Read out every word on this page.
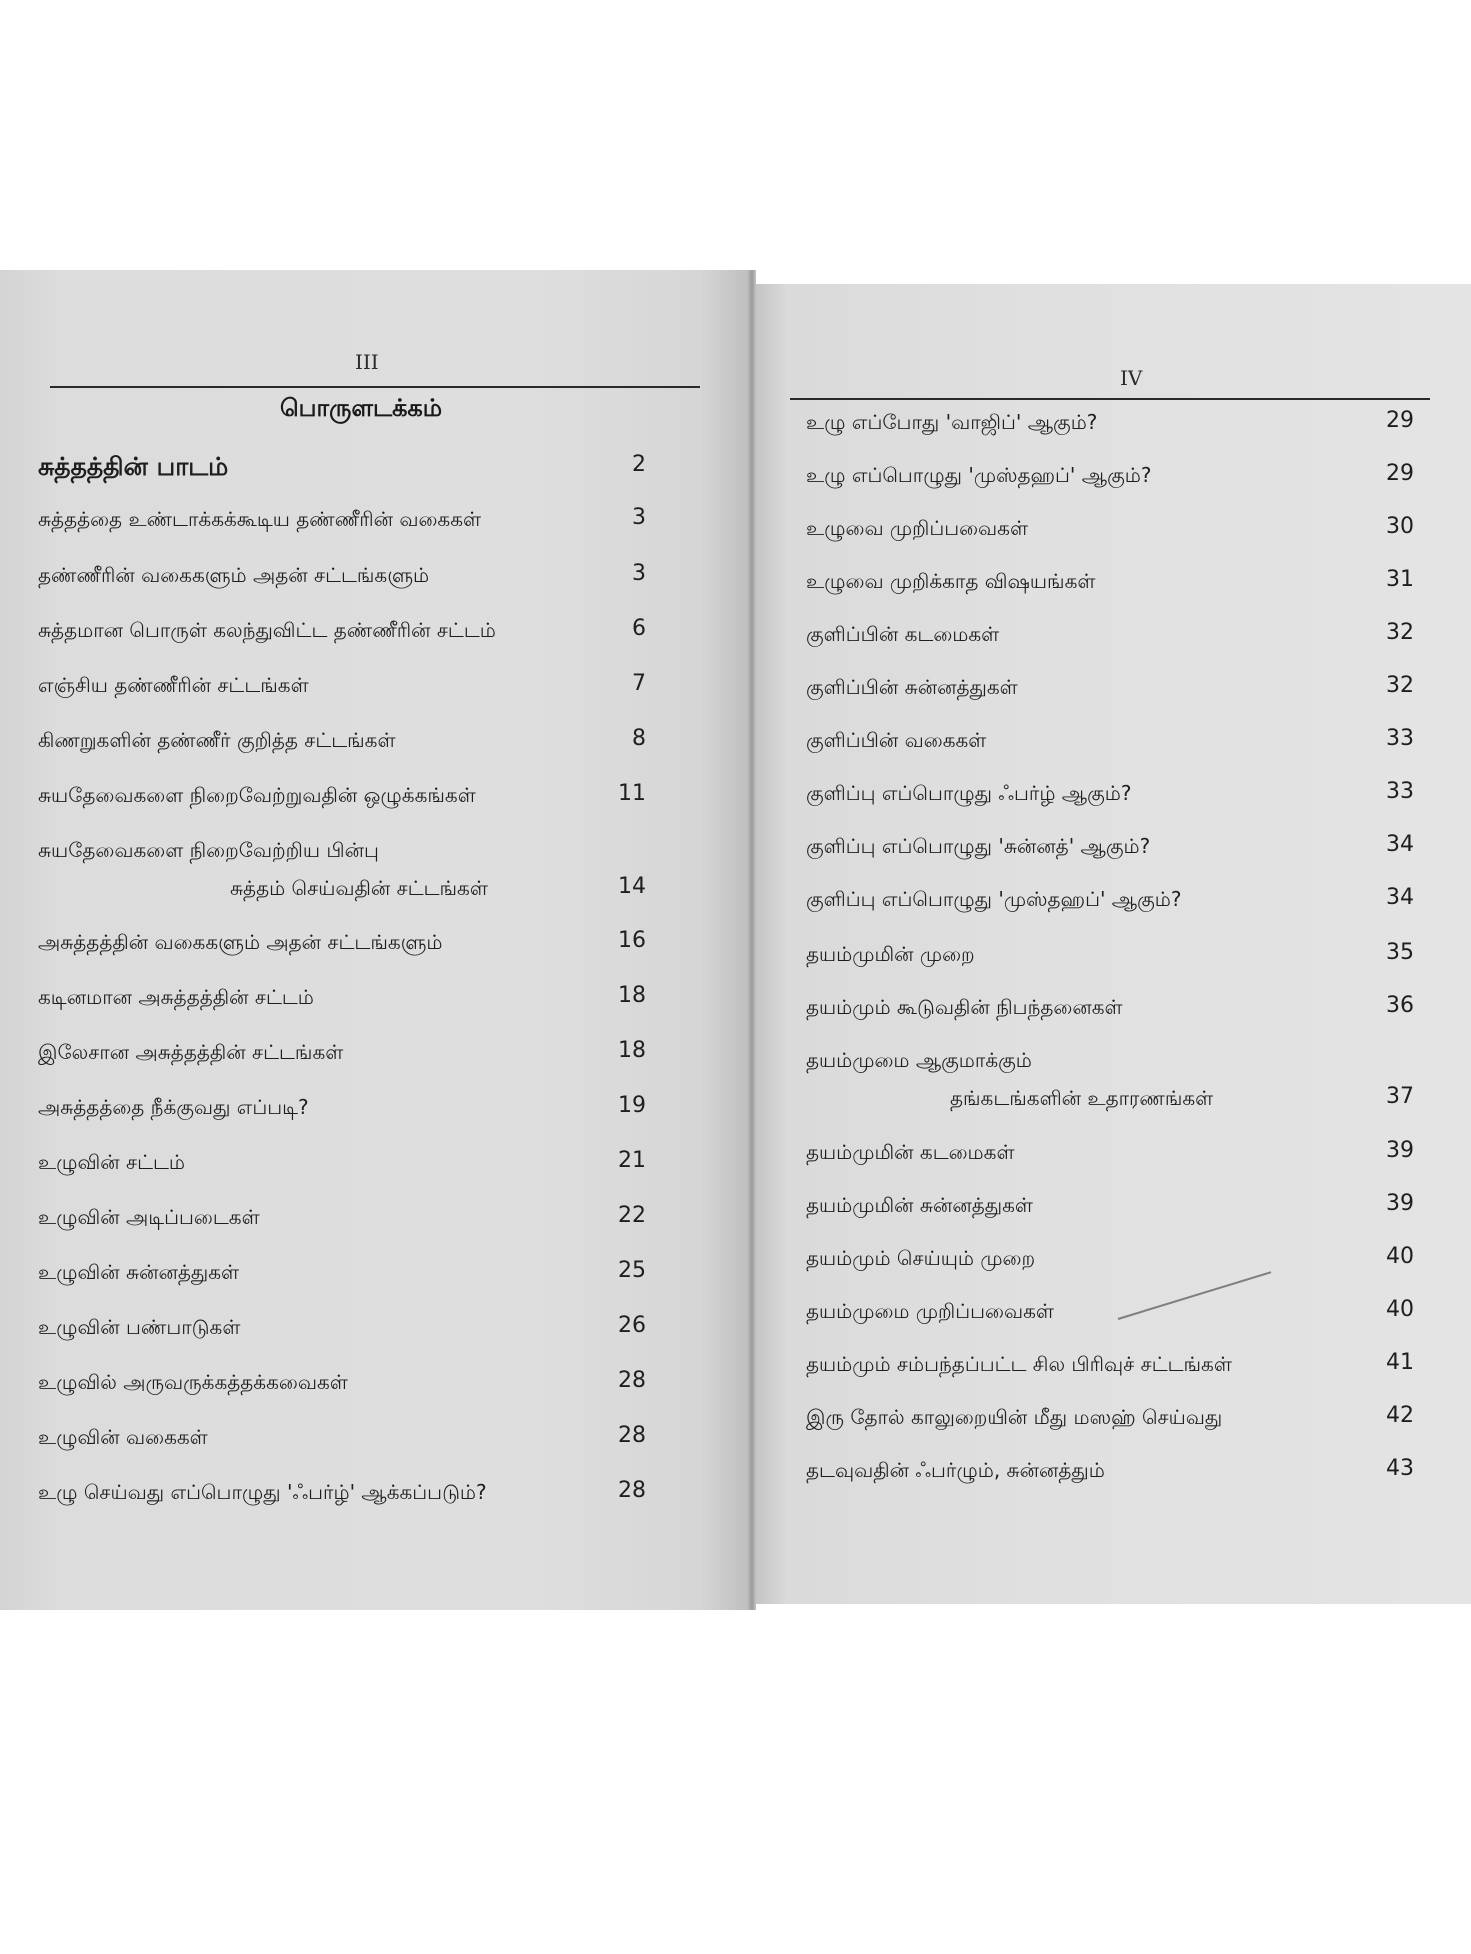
III
பொருளடக்கம்
சுத்தத்தின் பாடம்	2
சுத்தத்தை உண்டாக்கக்கூடிய தண்ணீரின் வகைகள்	3
தண்ணீரின் வகைகளும் அதன் சட்டங்களும்	3
சுத்தமான பொருள் கலந்துவிட்ட தண்ணீரின் சட்டம்	6
எஞ்சிய தண்ணீரின் சட்டங்கள்	7
கிணறுகளின் தண்ணீர் குறித்த சட்டங்கள்	8
சுயதேவைகளை நிறைவேற்றுவதின் ஒழுக்கங்கள்	11
சுயதேவைகளை நிறைவேற்றிய பின்பு
சுத்தம் செய்வதின் சட்டங்கள்	14
அசுத்தத்தின் வகைகளும் அதன் சட்டங்களும்	16
கடினமான அசுத்தத்தின் சட்டம்	18
இலேசான அசுத்தத்தின் சட்டங்கள்	18
அசுத்தத்தை நீக்குவது எப்படி?	19
உழுவின் சட்டம்	21
உழுவின் அடிப்படைகள்	22
உழுவின் சுன்னத்துகள்	25
உழுவின் பண்பாடுகள்	26
உழுவில் அருவருக்கத்தக்கவைகள்	28
உழுவின் வகைகள்	28
உழு செய்வது எப்பொழுது 'ஃபர்ழ்' ஆக்கப்படும்?	28
IV
உழு எப்போது 'வாஜிப்' ஆகும்?	29
உழு எப்பொழுது 'முஸ்தஹப்' ஆகும்?	29
உழுவை முறிப்பவைகள்	30
உழுவை முறிக்காத விஷயங்கள்	31
குளிப்பின் கடமைகள்	32
குளிப்பின் சுன்னத்துகள்	32
குளிப்பின் வகைகள்	33
குளிப்பு எப்பொழுது ஃபர்ழ் ஆகும்?	33
குளிப்பு எப்பொழுது 'சுன்னத்' ஆகும்?	34
குளிப்பு எப்பொழுது 'முஸ்தஹப்' ஆகும்?	34
தயம்முமின் முறை	35
தயம்மும் கூடுவதின் நிபந்தனைகள்	36
தயம்முமை ஆகுமாக்கும்
தங்கடங்களின் உதாரணங்கள்	37
தயம்முமின் கடமைகள்	39
தயம்முமின் சுன்னத்துகள்	39
தயம்மும் செய்யும் முறை	40
தயம்முமை முறிப்பவைகள்	40
தயம்மும் சம்பந்தப்பட்ட சில பிரிவுச் சட்டங்கள்	41
இரு தோல் காலுறையின் மீது மஸஹ் செய்வது	42
தடவுவதின் ஃபர்ழும், சுன்னத்தும்	43
